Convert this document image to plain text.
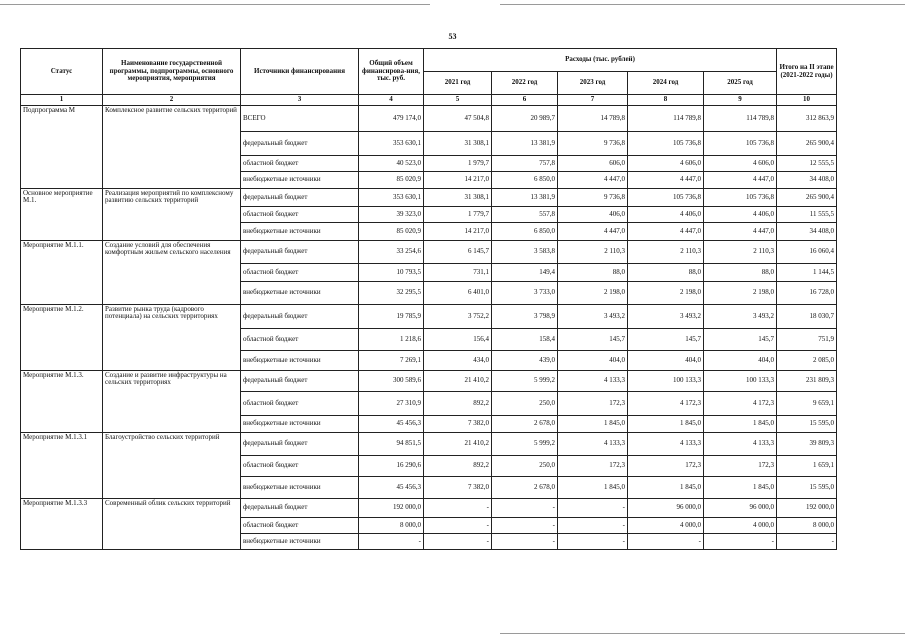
53
Статус	Наименование государственной программы, подпрограммы, основного мероприятия, мероприятия	Источники финансирования	Общий объем финансирова-ния, тыс. руб.	Расходы (тыс. рублей)					Итого на II этапе (2021-2022 годы)
				2021 год	2022 год	2023 год	2024 год	2025 год	
1	2	3	4	5	6	7	8	9	10
Подпрограмма М	Комплексное развитие сельских территорий	ВСЕГО	479 174,0	47 504,8	20 989,7	14 789,8	114 789,8	114 789,8	312 863,9
		федеральный бюджет	353 630,1	31 308,1	13 381,9	9 736,8	105 736,8	105 736,8	265 900,4
		областной бюджет	40 523,0	1 979,7	757,8	606,0	4 606,0	4 606,0	12 555,5
		внебюджетные источники	85 020,9	14 217,0	6 850,0	4 447,0	4 447,0	4 447,0	34 408,0
Основное мероприятие М.1.	Реализация мероприятий по комплексному развитию сельских территорий	федеральный бюджет	353 630,1	31 308,1	13 381,9	9 736,8	105 736,8	105 736,8	265 900,4
		областной бюджет	39 323,0	1 779,7	557,8	406,0	4 406,0	4 406,0	11 555,5
		внебюджетные источники	85 020,9	14 217,0	6 850,0	4 447,0	4 447,0	4 447,0	34 408,0
Мероприятие М.1.1.	Создание условий для обеспечения комфортным жильем сельского населения	федеральный бюджет	33 254,6	6 145,7	3 583,8	2 110,3	2 110,3	2 110,3	16 060,4
		областной бюджет	10 793,5	731,1	149,4	88,0	88,0	88,0	1 144,5
		внебюджетные источники	32 295,5	6 401,0	3 733,0	2 198,0	2 198,0	2 198,0	16 728,0
Мероприятие М.1.2.	Развитие рынка труда (кадрового потенциала) на сельских территориях	федеральный бюджет	19 785,9	3 752,2	3 798,9	3 493,2	3 493,2	3 493,2	18 030,7
		областной бюджет	1 218,6	156,4	158,4	145,7	145,7	145,7	751,9
		внебюджетные источники	7 269,1	434,0	439,0	404,0	404,0	404,0	2 085,0
Мероприятие М.1.3.	Создание и развитие инфраструктуры на сельских территориях	федеральный бюджет	300 589,6	21 410,2	5 999,2	4 133,3	100 133,3	100 133,3	231 809,3
		областной бюджет	27 310,9	892,2	250,0	172,3	4 172,3	4 172,3	9 659,1
		внебюджетные источники	45 456,3	7 382,0	2 678,0	1 845,0	1 845,0	1 845,0	15 595,0
Мероприятие М.1.3.1	Благоустройство сельских территорий	федеральный бюджет	94 851,5	21 410,2	5 999,2	4 133,3	4 133,3	4 133,3	39 809,3
		областной бюджет	16 290,6	892,2	250,0	172,3	172,3	172,3	1 659,1
		внебюджетные источники	45 456,3	7 382,0	2 678,0	1 845,0	1 845,0	1 845,0	15 595,0
Мероприятие М.1.3.3	Современный облик сельских территорий	федеральный бюджет	192 000,0	-	-	-	96 000,0	96 000,0	192 000,0
		областной бюджет	8 000,0	-	-	-	4 000,0	4 000,0	8 000,0
		внебюджетные источники	-	-	-	-	-	-	-
